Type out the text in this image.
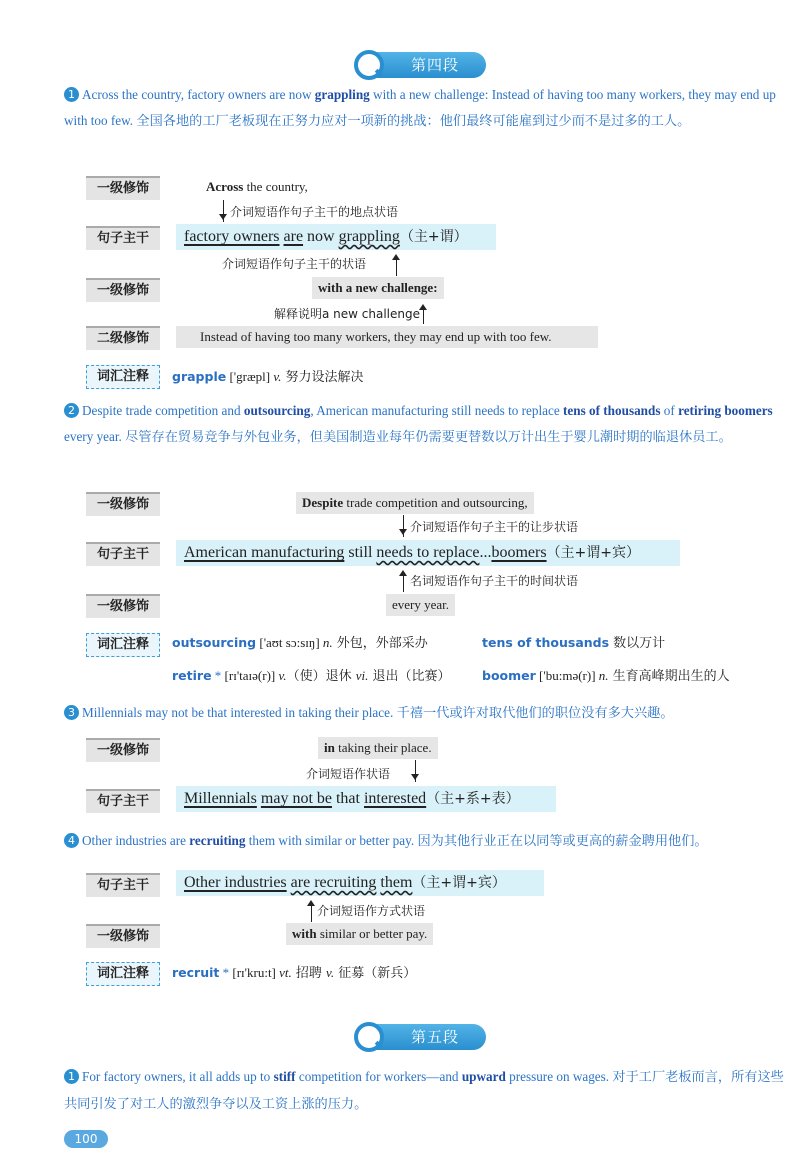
第四段
1 Across the country, factory owners are now grappling with a new challenge: Instead of having too many workers, they may end up with too few. 全国各地的工厂老板现在正努力应对一项新的挑战：他们最终可能雇到过少而不是过多的工人。
一级修饰	Across the country,
介词短语作句子主干的地点状语
句子主干	factory owners are now grappling（主+谓）
介词短语作句子主干的状语
一级修饰	with a new challenge:
解释说明a new challenge
二级修饰	Instead of having too many workers, they may end up with too few.
词汇注释	grapple ['græpl] v. 努力设法解决
2 Despite trade competition and outsourcing, American manufacturing still needs to replace tens of thousands of retiring boomers every year. 尽管存在贸易竞争与外包业务，但美国制造业每年仍需要更替数以万计出生于婴儿潮时期的临退休员工。
一级修饰	Despite trade competition and outsourcing,
介词短语作句子主干的让步状语
句子主干	American manufacturing still needs to replace...boomers（主+谓+宾）
名词短语作句子主干的时间状语
一级修饰	every year.
词汇注释	outsourcing ['aʊt sɔ:sɪŋ] n. 外包，外部采办	tens of thousands 数以万计
retire * [rɪ'taɪə(r)] v.（使）退休 vi. 退出（比赛）	boomer ['bu:mə(r)] n. 生育高峰期出生的人
3 Millennials may not be that interested in taking their place. 千禧一代或许对取代他们的职位没有多大兴趣。
一级修饰	in taking their place.
介词短语作状语
句子主干	Millennials may not be that interested（主+系+表）
4 Other industries are recruiting them with similar or better pay. 因为其他行业正在以同等或更高的薪金聘用他们。
句子主干	Other industries are recruiting them（主+谓+宾）
介词短语作方式状语
一级修饰	with similar or better pay.
词汇注释	recruit * [rɪ'kru:t] vt. 招聘 v. 征募（新兵）
第五段
1 For factory owners, it all adds up to stiff competition for workers—and upward pressure on wages. 对于工厂老板而言，所有这些共同引发了对工人的激烈争夺以及工资上涨的压力。
100
